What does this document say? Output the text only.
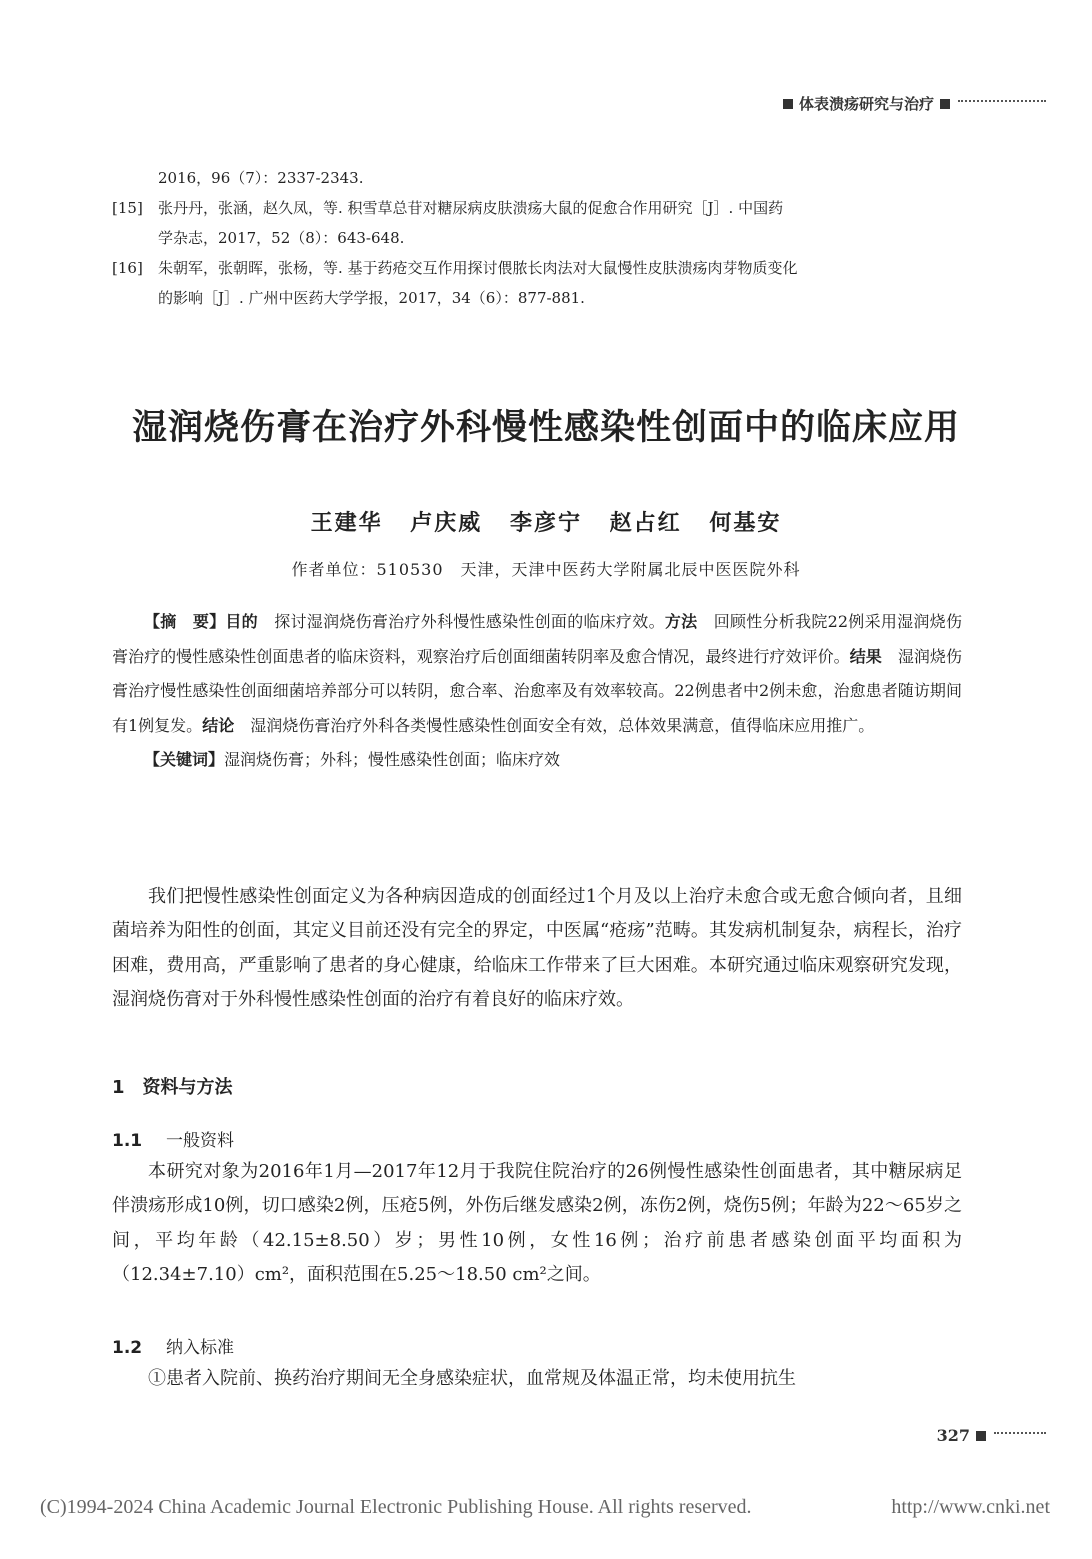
体表溃疡研究与治疗
2016，96（7）：2337-2343.
[15] 张丹丹，张涵，赵久凤，等. 积雪草总苷对糖尿病皮肤溃疡大鼠的促愈合作用研究［J］. 中国药
学杂志，2017，52（8）：643-648.
[16] 朱朝军，张朝晖，张杨，等. 基于药疮交互作用探讨偎脓长肉法对大鼠慢性皮肤溃疡肉芽物质变化
的影响［J］. 广州中医药大学学报，2017，34（6）：877-881.
湿润烧伤膏在治疗外科慢性感染性创面中的临床应用
王建华 卢庆威 李彦宁 赵占红 何基安
作者单位：510530　天津，天津中医药大学附属北辰中医医院外科

【摘　要】目的　 探讨湿润烧伤膏治疗外科慢性感染性创面的临床疗效。方法　 回顾性分析我院22例采用湿润烧伤膏治疗的慢性感染性创面患者的临床资料，观察治疗后创面细菌转阴率及愈合情况，最终进行疗效评价。结果　 湿润烧伤膏治疗慢性感染性创面细菌培养部分可以转阴，愈合率、治愈率及有效率较高。22例患者中2例未愈，治愈患者随访期间有1例复发。结论　 湿润烧伤膏治疗外科各类慢性感染性创面安全有效，总体效果满意，值得临床应用推广。

【关键词】湿润烧伤膏；外科；慢性感染性创面；临床疗效

我们把慢性感染性创面定义为各种病因造成的创面经过1个月及以上治疗未愈合或无愈合倾向者，且细菌培养为阳性的创面，其定义目前还没有完全的界定，中医属“疮疡”范畴。其发病机制复杂，病程长，治疗困难，费用高，严重影响了患者的身心健康，给临床工作带来了巨大困难。本研究通过临床观察研究发现，湿润烧伤膏对于外科慢性感染性创面的治疗有着良好的临床疗效。

1　资料与方法
1.1 一般资料

本研究对象为2016年1月—2017年12月于我院住院治疗的26例慢性感染性创面患者，其中糖尿病足伴溃疡形成10例，切口感染2例，压疮5例，外伤后继发感染2例，冻伤2例，烧伤5例；年龄为22～65岁之间，平均年龄（42.15±8.50）岁；男性10例，女性16例；治疗前患者感染创面平均面积为（12.34±7.10）cm²，面积范围在5.25～18.50 cm²之间。

1.2 纳入标准

①患者入院前、换药治疗期间无全身感染症状，血常规及体温正常，均未使用抗生

327
(C)1994-2024 China Academic Journal Electronic Publishing House. All rights reserved.	http://www.cnki.net
